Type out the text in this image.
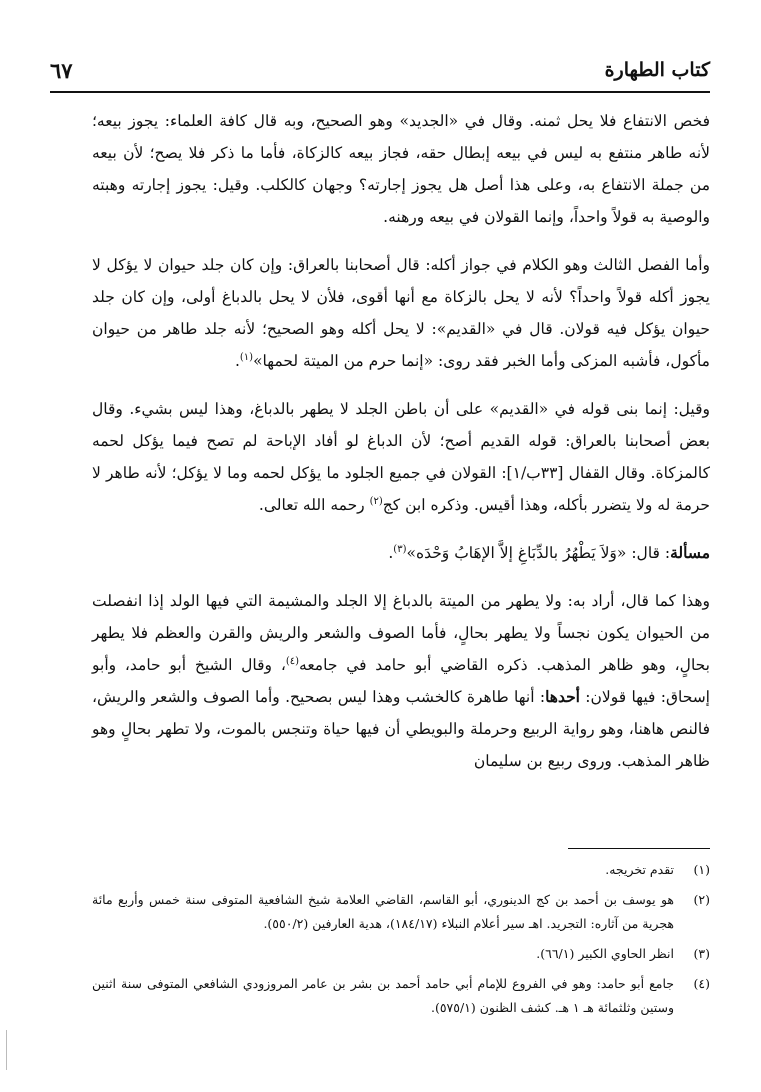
كتاب الطهارة
٦٧

فخص الانتفاع فلا يحل ثمنه. وقال في «الجديد» وهو الصحيح، وبه قال كافة العلماء: يجوز بيعه؛ لأنه طاهر منتفع به ليس في بيعه إبطال حقه، فجاز بيعه كالزكاة، فأما ما ذكر فلا يصح؛ لأن بيعه من جملة الانتفاع به، وعلى هذا أصل هل يجوز إجارته؟ وجهان كالكلب. وقيل: يجوز إجارته وهبته والوصية به قولاً واحداً، وإنما القولان في بيعه ورهنه.

وأما الفصل الثالث وهو الكلام في جواز أكله: قال أصحابنا بالعراق: وإن كان جلد حيوان لا يؤكل لا يجوز أكله قولاً واحداً؟ لأنه لا يحل بالزكاة مع أنها أقوى، فلأن لا يحل بالدباغ أولى، وإن كان جلد حيوان يؤكل فيه قولان. قال في «القديم»: لا يحل أكله وهو الصحيح؛ لأنه جلد طاهر من حيوان مأكول، فأشبه المزكى وأما الخبر فقد روى: «إنما حرم من الميتة لحمها»$^{(١)}$.

وقيل: إنما بنى قوله في «القديم» على أن باطن الجلد لا يطهر بالدباغ، وهذا ليس بشيء. وقال بعض أصحابنا بالعراق: قوله القديم أصح؛ لأن الدباغ لو أفاد الإباحة لم تصح فيما يؤكل لحمه كالمزكاة. وقال القفال [٣٣ب/١]: القولان في جميع الجلود ما يؤكل لحمه وما لا يؤكل؛ لأنه طاهر لا حرمة له ولا يتضرر بأكله، وهذا أقيس. وذكره ابن كج$^{(٢)}$ رحمه الله تعالى.

مسألة: قال: «وَلاَ يَطْهُرُ بالدِّبَاغِ إلاَّ الإهَابُ وَحْدَه»$^{(٣)}$.

وهذا كما قال، أراد به: ولا يطهر من الميتة بالدباغ إلا الجلد والمشيمة التي فيها الولد إذا انفصلت من الحيوان يكون نجساً ولا يطهر بحالٍ، فأما الصوف والشعر والريش والقرن والعظم فلا يطهر بحالٍ، وهو ظاهر المذهب. ذكره القاضي أبو حامد في جامعه$^{(٤)}$، وقال الشيخ أبو حامد، وأبو إسحاق: فيها قولان: أحدها: أنها طاهرة كالخشب وهذا ليس بصحيح. وأما الصوف والشعر والريش، فالنص هاهنا، وهو رواية الربيع وحرملة والبويطي أن فيها حياة وتنجس بالموت، ولا تطهر بحالٍ وهو ظاهر المذهب. وروى ربيع بن سليمان

(١)
تقدم تخريجه.
(٢)
هو يوسف بن أحمد بن كج الدينوري، أبو القاسم، القاضي العلامة شيخ الشافعية المتوفى سنة خمس وأربع مائة هجرية من آثاره: التجريد. اهـ سير أعلام النبلاء (١٨٤/١٧)، هدية العارفين (٥٥٠/٢).
(٣)
انظر الحاوي الكبير (٦٦/١).
(٤)
جامع أبو حامد: وهو في الفروع للإمام أبي حامد أحمد بن بشر بن عامر المروزودي الشافعي المتوفى سنة اثنين وستين وثلثمائة هـ ١ هـ. كشف الظنون (٥٧٥/١).
